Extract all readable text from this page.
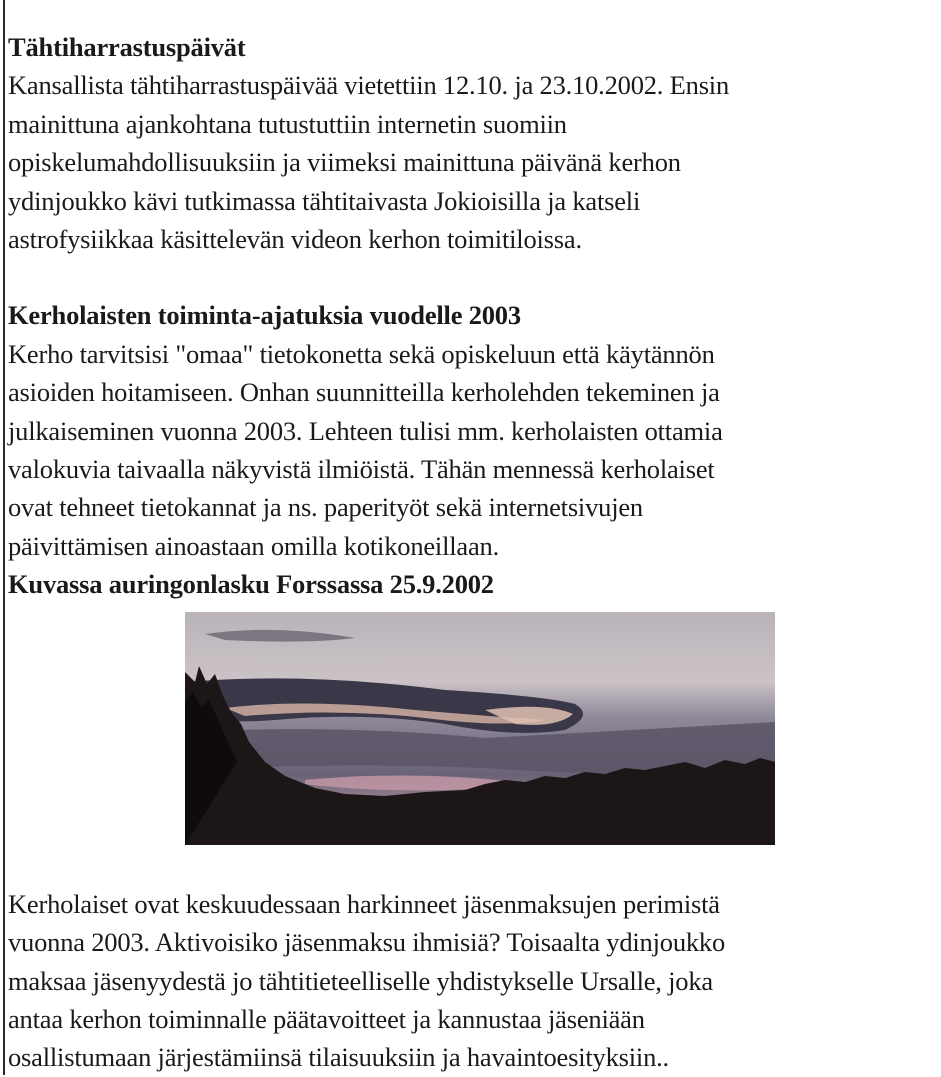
Tähtiharrastuspäivät
Kansallista tähtiharrastuspäivää vietettiin 12.10. ja 23.10.2002. Ensin
mainittuna ajankohtana tutustuttiin internetin suomiin
opiskelumahdollisuuksiin ja viimeksi mainittuna päivänä kerhon
ydinjoukko kävi tutkimassa tähtitaivasta Jokioisilla ja katseli
astrofysiikkaa käsittelevän videon kerhon toimitiloissa.
Kerholaisten toiminta-ajatuksia vuodelle 2003
Kerho tarvitsisi "omaa" tietokonetta sekä opiskeluun että käytännön
asioiden hoitamiseen. Onhan suunnitteilla kerholehden tekeminen ja
julkaiseminen vuonna 2003. Lehteen tulisi mm. kerholaisten ottamia
valokuvia taivaalla näkyvistä ilmiöistä. Tähän mennessä kerholaiset
ovat tehneet tietokannat ja ns. paperityöt sekä internetsivujen
päivittämisen ainoastaan omilla kotikoneillaan.
Kuvassa auringonlasku Forssassa 25.9.2002
Kerholaiset ovat keskuudessaan harkinneet jäsenmaksujen perimistä
vuonna 2003. Aktivoisiko jäsenmaksu ihmisiä? Toisaalta ydinjoukko
maksaa jäsenyydestä jo tähtitieteelliselle yhdistykselle Ursalle, joka
antaa kerhon toiminnalle päätavoitteet ja kannustaa jäseniään
osallistumaan järjestämiinsä tilaisuuksiin ja havaintoesityksiin..
